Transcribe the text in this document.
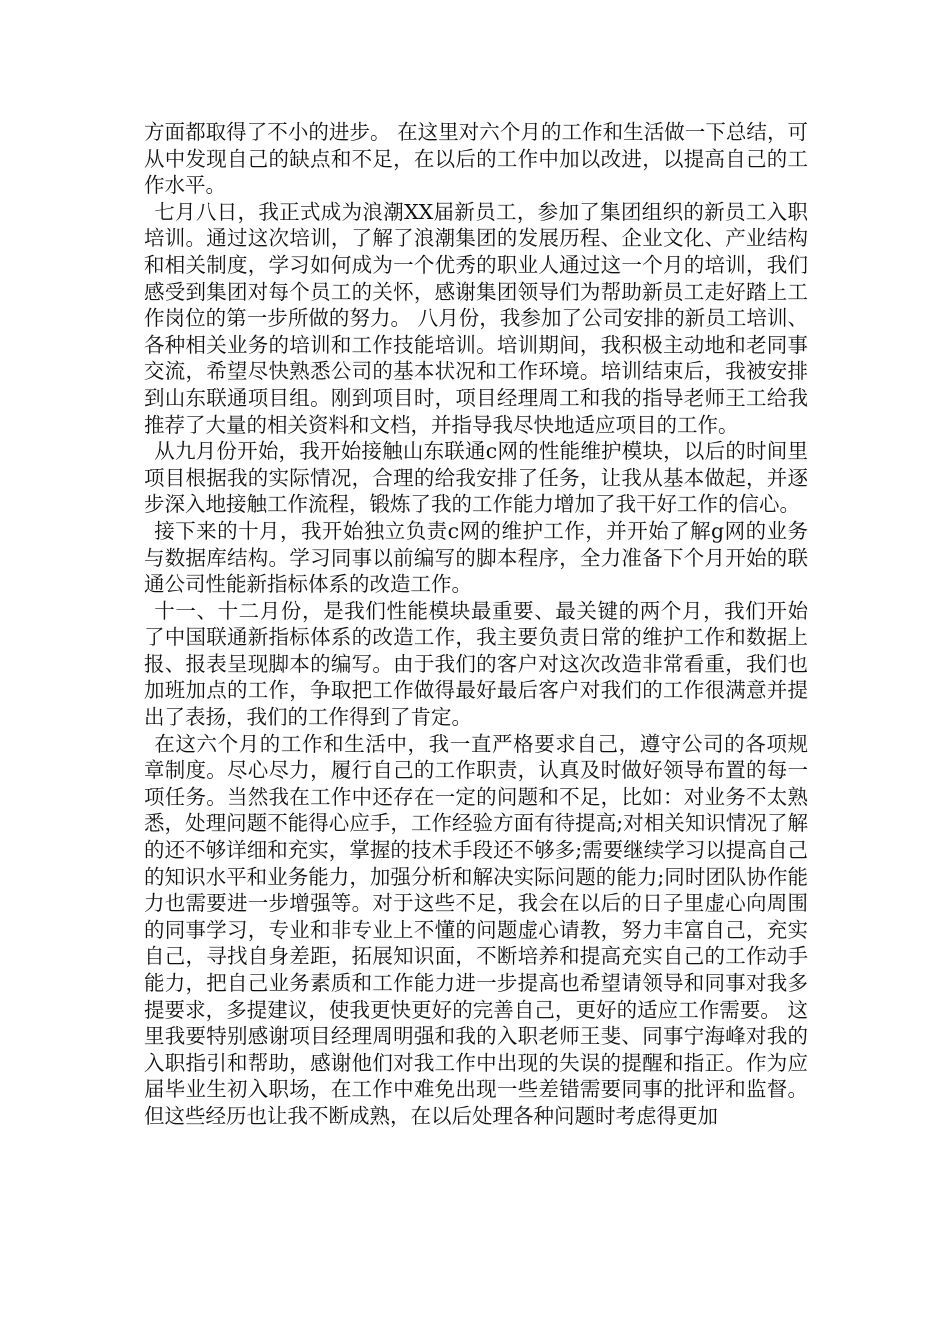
方面都取得了不小的进步。 在这里对六个月的工作和生活做一下总结，可从中发现自己的缺点和不足，在以后的工作中加以改进，以提高自己的工作水平。

七月八日，我正式成为浪潮XX届新员工，参加了集团组织的新员工入职培训。通过这次培训，了解了浪潮集团的发展历程、企业文化、产业结构和相关制度，学习如何成为一个优秀的职业人通过这一个月的培训，我们感受到集团对每个员工的关怀，感谢集团领导们为帮助新员工走好踏上工作岗位的第一步所做的努力。 八月份，我参加了公司安排的新员工培训、各种相关业务的培训和工作技能培训。培训期间，我积极主动地和老同事交流，希望尽快熟悉公司的基本状况和工作环境。培训结束后，我被安排到山东联通项目组。刚到项目时，项目经理周工和我的指导老师王工给我推荐了大量的相关资料和文档，并指导我尽快地适应项目的工作。

从九月份开始，我开始接触山东联通c网的性能维护模块，以后的时间里项目根据我的实际情况，合理的给我安排了任务，让我从基本做起，并逐步深入地接触工作流程，锻炼了我的工作能力增加了我干好工作的信心。

接下来的十月，我开始独立负责c网的维护工作，并开始了解g网的业务与数据库结构。学习同事以前编写的脚本程序，全力准备下个月开始的联通公司性能新指标体系的改造工作。

十一、十二月份，是我们性能模块最重要、最关键的两个月，我们开始了中国联通新指标体系的改造工作，我主要负责日常的维护工作和数据上报、报表呈现脚本的编写。由于我们的客户对这次改造非常看重，我们也加班加点的工作，争取把工作做得最好最后客户对我们的工作很满意并提出了表扬，我们的工作得到了肯定。

在这六个月的工作和生活中，我一直严格要求自己，遵守公司的各项规章制度。尽心尽力，履行自己的工作职责，认真及时做好领导布置的每一项任务。当然我在工作中还存在一定的问题和不足，比如：对业务不太熟悉，处理问题不能得心应手，工作经验方面有待提高;对相关知识情况了解的还不够详细和充实，掌握的技术手段还不够多;需要继续学习以提高自己的知识水平和业务能力，加强分析和解决实际问题的能力;同时团队协作能力也需要进一步增强等。对于这些不足，我会在以后的日子里虚心向周围的同事学习，专业和非专业上不懂的问题虚心请教，努力丰富自己，充实自己，寻找自身差距，拓展知识面，不断培养和提高充实自己的工作动手能力，把自己业务素质和工作能力进一步提高也希望请领导和同事对我多提要求，多提建议，使我更快更好的完善自己，更好的适应工作需要。 这里我要特别感谢项目经理周明强和我的入职老师王斐、同事宁海峰对我的入职指引和帮助，感谢他们对我工作中出现的失误的提醒和指正。作为应届毕业生初入职场，在工作中难免出现一些差错需要同事的批评和监督。但这些经历也让我不断成熟，在以后处理各种问题时考虑得更加
